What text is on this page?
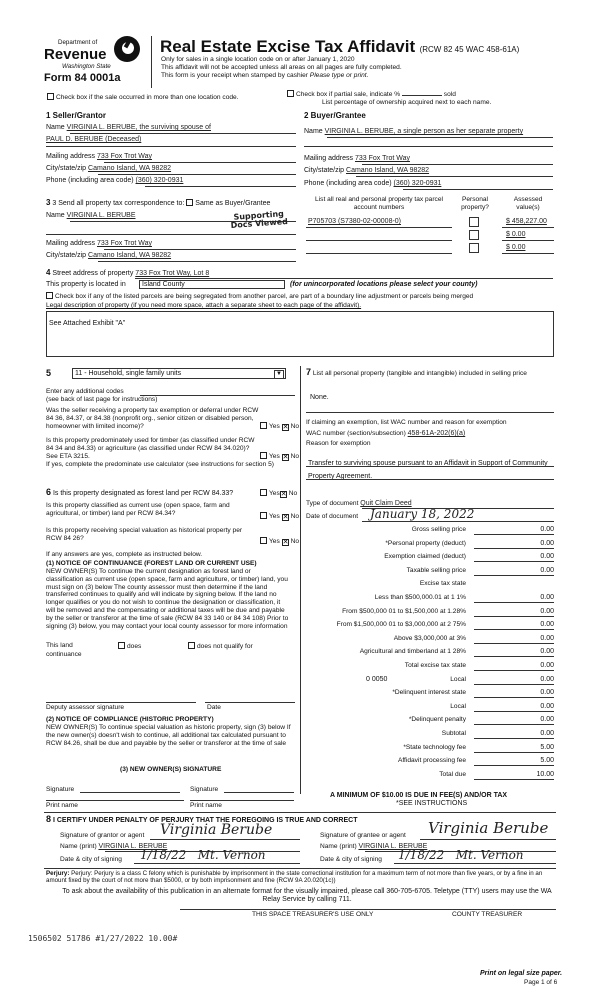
Department of
Revenue
Washington State
Form 84 0001a
Real Estate Excise Tax Affidavit (RCW 82 45 WAC 458-61A)
Only for sales in a single location code on or after January 1, 2020
This affidavit will not be accepted unless all areas on all pages are fully completed.
This form is your receipt when stamped by cashier Please type or print.
Check box if the sale occurred in more than one location code.	Check box if partial sale, indicate %	sold
List percentage of ownership acquired next to each name.
1 Seller/Grantor
Name VIRGINIA L. BERUBE, the surviving spouse of
PAUL D. BERUBE (Deceased)
Mailing address 733 Fox Trot Way
City/state/zip Camano Island, WA 98282
Phone (including area code) (360) 320-0931
2 Buyer/Grantee
Name VIRGINIA L. BERUBE, a single person as her separate property
Mailing address 733 Fox Trot Way
City/state/zip Camano Island, WA 98282
Phone (including area code) (360) 320-0931
3 3 Send all property tax correspondence to: Same as Buyer/Grantee
Name VIRGINIA L. BERUBE	Supporting Docs Viewed
Mailing address 733 Fox Trot Way
City/state/zip Camano Island, WA 98282
List all real and personal property tax parcel account numbers
Personal property?
Assessed value(s)
P705703 (S7380-02-00008-0)	$ 458,227.00
$ 0.00
$ 0.00
4 Street address of property 733 Fox Trot Way, Lot 8
This property is located in	Island County	(for unincorporated locations please select your county)
Check box if any of the listed parcels are being segregated from another parcel, are part of a boundary line adjustment or parcels being merged
Legal description of property (if you need more space, attach a separate sheet to each page of the affidavit).
See Attached Exhibit "A"
5	11 - Household, single family units	▼
Enter any additional codes
(see back of last page for instructions)
Was the seller receiving a property tax exemption or deferral under RCW 84 36, 84.37, or 84.38 (nonprofit org., senior citizen or disabled person, homeowner with limited income)?	Yes ✕ No
Is this property predominately used for timber (as classified under RCW 84 34 and 84.33) or agriculture (as classified under RCW 84 34.020)? See ETA 3215.	Yes ✕ No
If yes, complete the predominate use calculator (see instructions for section 5)
6 Is this property designated as forest land per RCW 84.33?	Yes✕ No
Is this property classified as current use (open space, farm and agricultural, or timber) land per RCW 84.34?	Yes ✕ No
Is this property receiving special valuation as historical property per RCW 84 26?	Yes ✕ No
If any answers are yes, complete as instructed below.
(1) NOTICE OF CONTINUANCE (FOREST LAND OR CURRENT USE)
NEW OWNER(S) To continue the current designation as forest land or classification as current use (open space, farm and agriculture, or timber) land, you must sign on (3) below The county assessor must then determine if the land transferred continues to qualify and will indicate by signing below. If the land no longer qualifies or you do not wish to continue the designation or classification, it will be removed and the compensating or additional taxes will be due and payable by the seller or transferor at the time of sale (RCW 84 33 140 or 84 34 108) Prior to signing (3) below, you may contact your local county assessor for more information
This land	does	does not qualify for
continuance
Deputy assessor signature	Date
(2) NOTICE OF COMPLIANCE (HISTORIC PROPERTY)
NEW OWNER(S) To continue special valuation as historic property, sign (3) below If the new owner(s) doesn't wish to continue, all additional tax calculated pursuant to RCW 84.26, shall be due and payable by the seller or transferor at the time of sale
(3) NEW OWNER(S) SIGNATURE
Signature	Signature
Print name	Print name
7 List all personal property (tangible and intangible) included in selling price
None.
If claiming an exemption, list WAC number and reason for exemption
WAC number (section/subsection) 458-61A-202(6)(a)
Reason for exemption
Transfer to surviving spouse pursuant to an Affidavit in Support of Community Property Agreement.
Type of document Quit Claim Deed
Date of document January 18, 2022
Gross selling price	0.00
*Personal property (deduct)	0.00
Exemption claimed (deduct)	0.00
Taxable selling price	0.00
Excise tax state
Less than $500,000.01 at 1 1%	0.00
From $500,000 01 to $1,500,000 at 1.28%	0.00
From $1,500,000 01 to $3,000,000 at 2 75%	0.00
Above $3,000,000 at 3%	0.00
Agricultural and timberland at 1 28%	0.00
Total excise tax state	0.00
Local
0 0050	0.00
*Delinquent interest state	0.00
Local	0.00
*Delinquent penalty	0.00
Subtotal	0.00
*State technology fee	5.00
Affidavit processing fee	5.00
Total due	10.00
A MINIMUM OF $10.00 IS DUE IN FEE(S) AND/OR TAX
*SEE INSTRUCTIONS
8 I CERTIFY UNDER PENALTY OF PERJURY THAT THE FOREGOING IS TRUE AND CORRECT
Signature of grantor or agent Virginia Berube
Name (print) VIRGINIA L. BERUBE
Date & city of signing 1/18/22   Mt. Vernon
Signature of grantee or agent Virginia Berube
Name (print) VIRGINIA L. BERUBE
Date & city of signing 1/18/22   Mt. Vernon
Perjury: Perjury: Perjury is a class C felony which is punishable by imprisonment in the state correctional institution for a maximum term of not more than five years, or by a fine in an amount fixed by the court of not more than $5000, or by both imprisonment and fine (RCW 9A 20.020(1c))
To ask about the availability of this publication in an alternate format for the visually impaired, please call 360-705-6705. Teletype (TTY) users may use the WA Relay Service by calling 711.
THIS SPACE TREASURER'S USE ONLY	COUNTY TREASURER
1506502 51786 #1/27/2022 10.00#
Print on legal size paper.
Page 1 of 6
